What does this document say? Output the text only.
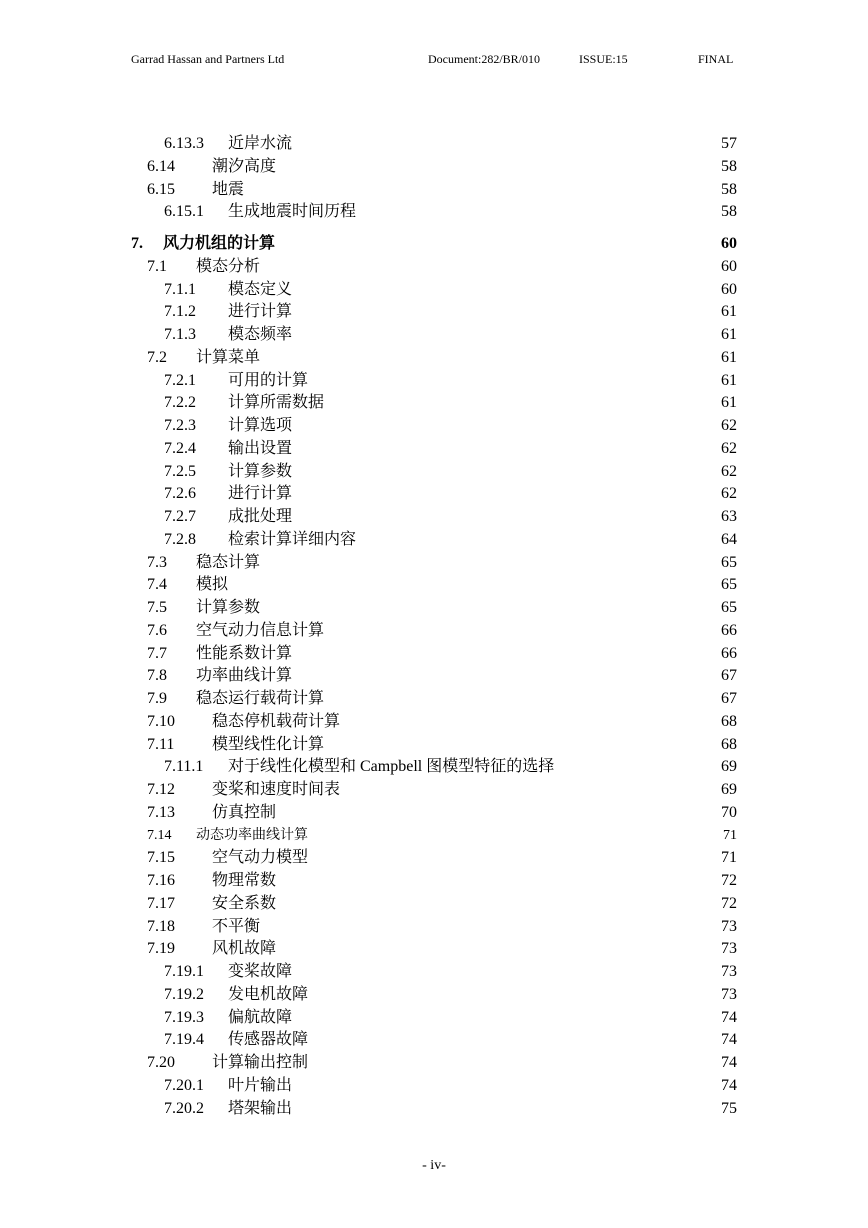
Garrad Hassan and Partners Ltd	Document:282/BR/010	ISSUE:15	FINAL
6.13.3 近岸水流	57
6.14 潮汐高度	58
6.15 地震	58
6.15.1 生成地震时间历程	58
7. 风力机组的计算	60
7.1 模态分析	60
7.1.1 模态定义	60
7.1.2 进行计算	61
7.1.3 模态频率	61
7.2 计算菜单	61
7.2.1 可用的计算	61
7.2.2 计算所需数据	61
7.2.3 计算选项	62
7.2.4 输出设置	62
7.2.5 计算参数	62
7.2.6 进行计算	62
7.2.7 成批处理	63
7.2.8 检索计算详细内容	64
7.3 稳态计算	65
7.4 模拟	65
7.5 计算参数	65
7.6 空气动力信息计算	66
7.7 性能系数计算	66
7.8 功率曲线计算	67
7.9 稳态运行载荷计算	67
7.10 稳态停机载荷计算	68
7.11 模型线性化计算	68
7.11.1 对于线性化模型和 Campbell 图模型特征的选择	69
7.12 变桨和速度时间表	69
7.13 仿真控制	70
7.14 动态功率曲线计算	71
7.15 空气动力模型	71
7.16 物理常数	72
7.17 安全系数	72
7.18 不平衡	73
7.19 风机故障	73
7.19.1 变桨故障	73
7.19.2 发电机故障	73
7.19.3 偏航故障	74
7.19.4 传感器故障	74
7.20 计算输出控制	74
7.20.1 叶片输出	74
7.20.2 塔架输出	75
- iv-
